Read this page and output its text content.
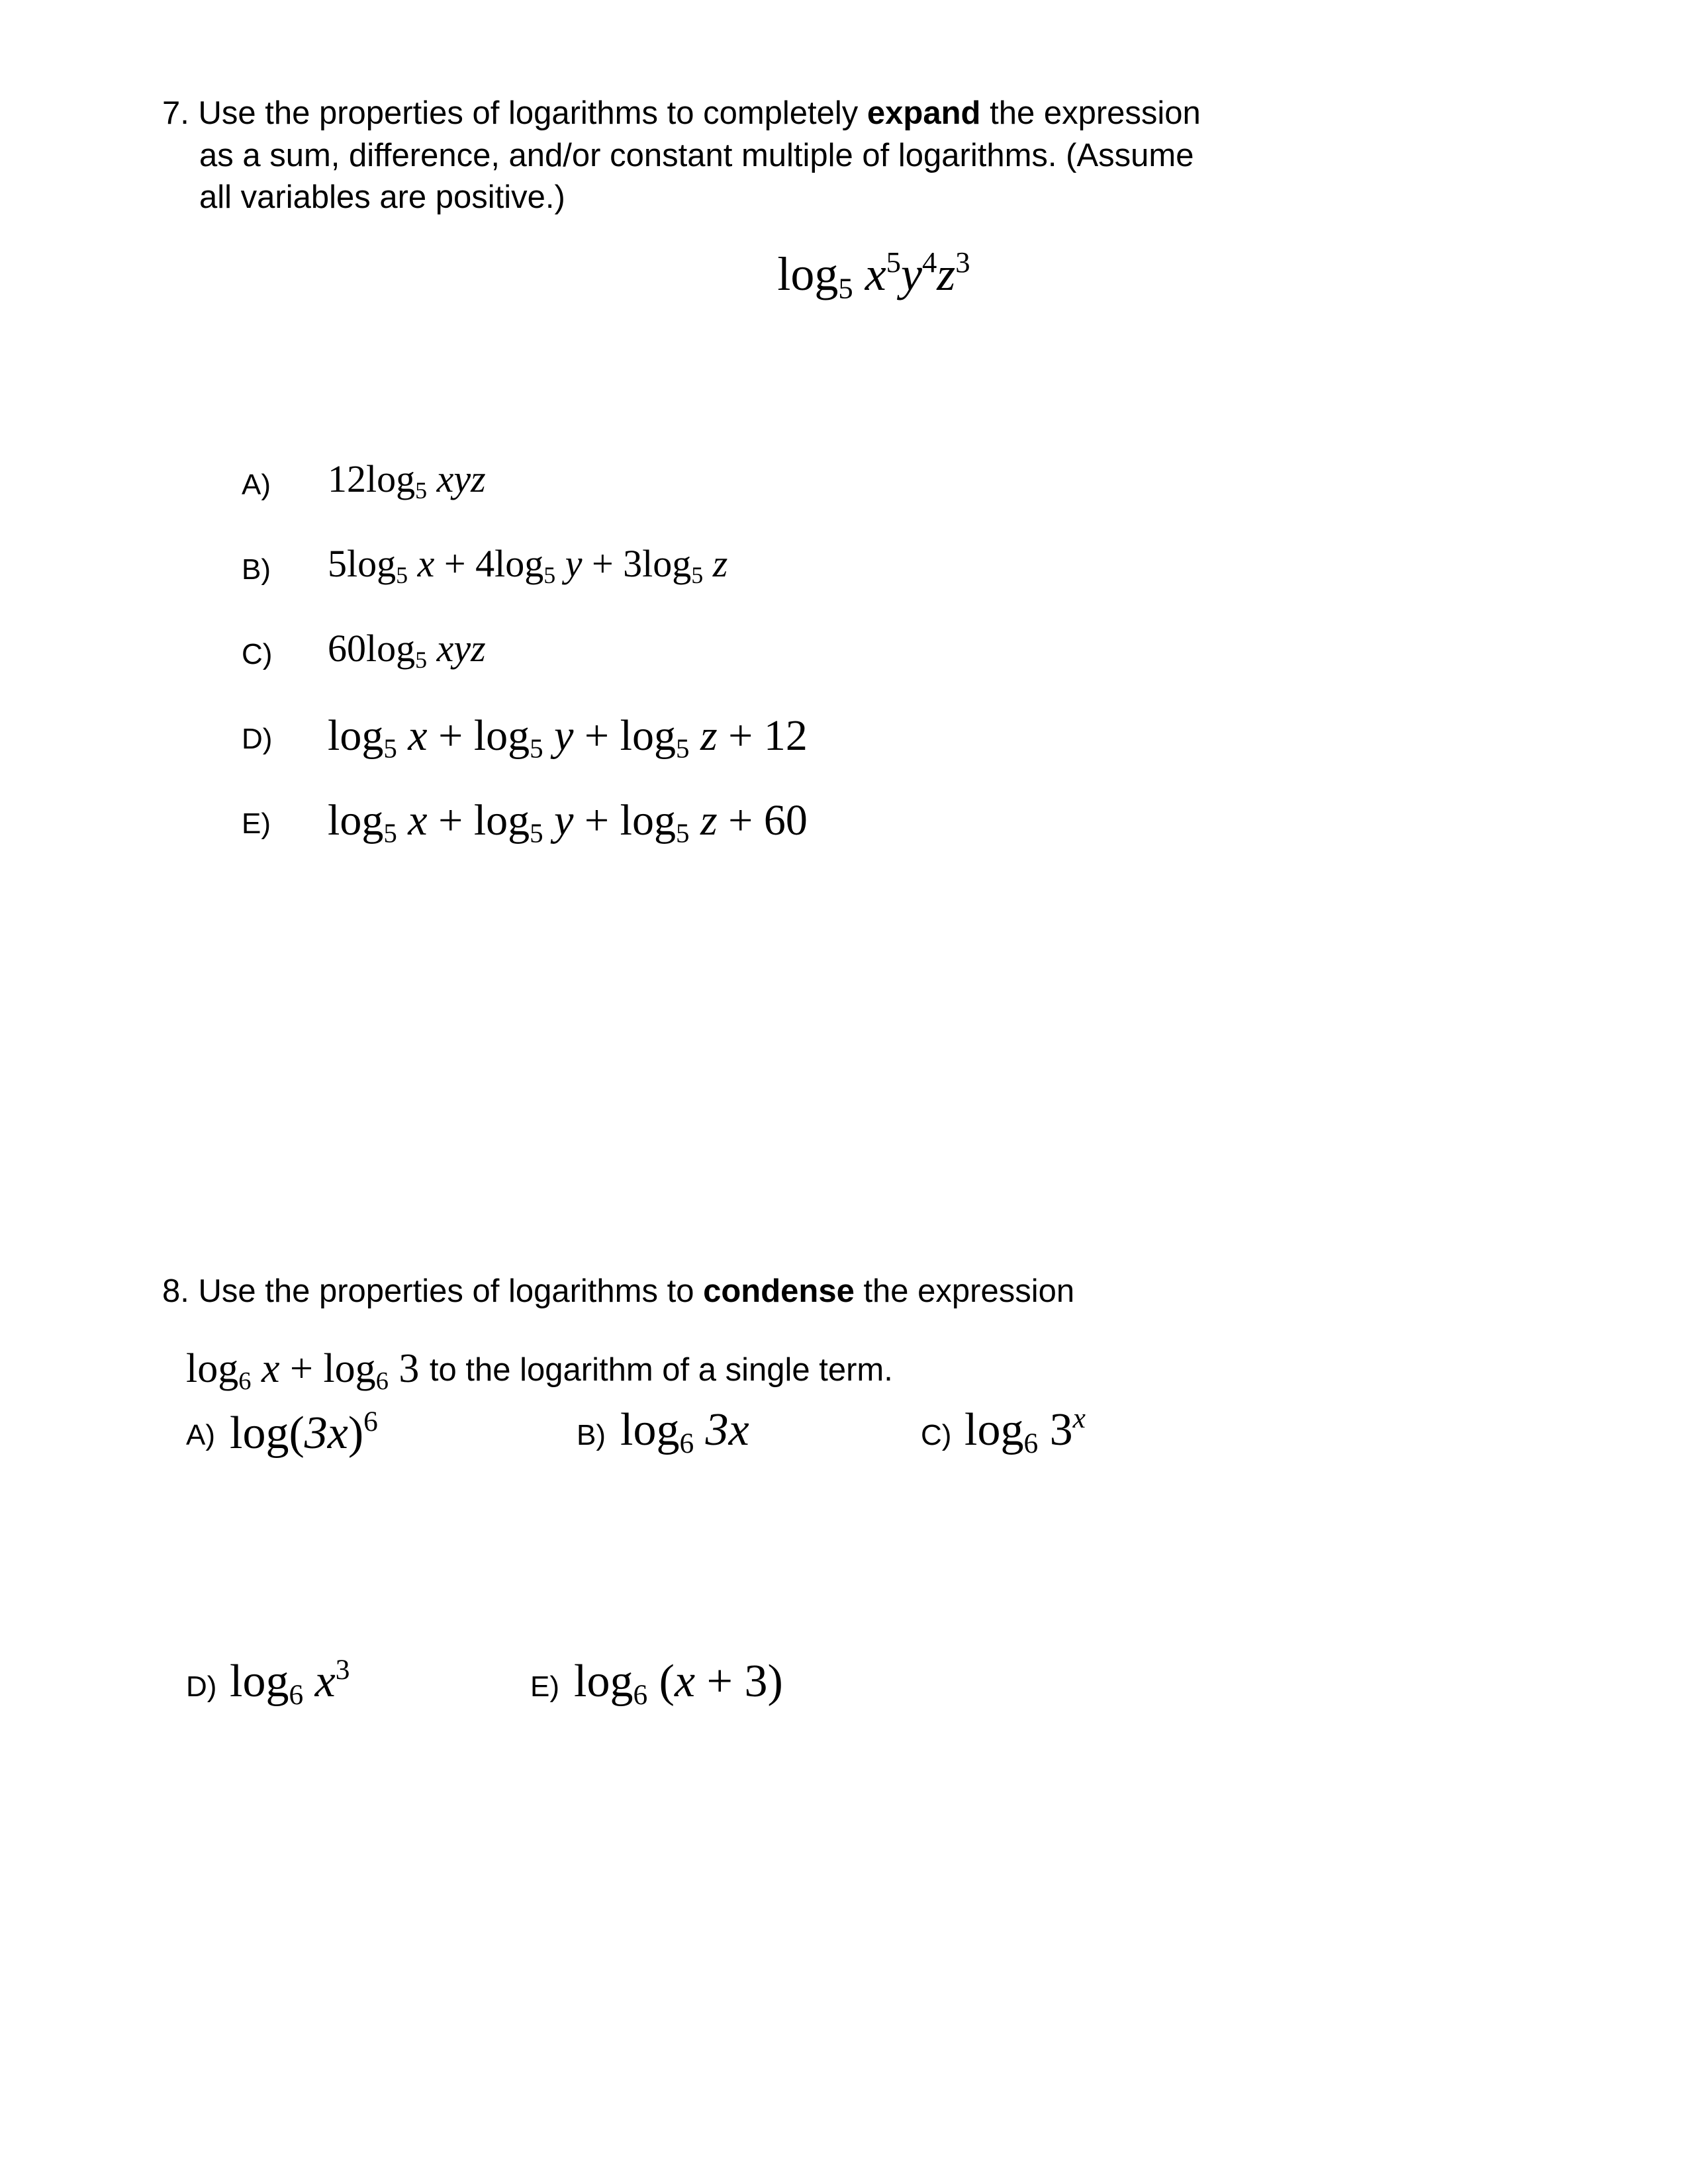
7. Use the properties of logarithms to completely expand the expression
as a sum, difference, and/or constant multiple of logarithms. (Assume
all variables are positive.)
$\log_5 x^5y^4z^3$
A) $12\log_5$ xyz
B) $5\log_5$ $x + 4\log_5$ $y + 3\log_5$ z
C) $60\log_5$ xyz
D) $\log_5 x + \log_5 y + \log_5 z + 12$
E) $\log_5 x + \log_5 y + \log_5 z + 60$
8. Use the properties of logarithms to condense the expression
$\log_6 x + \log_6 3$ to the logarithm of a single term.
A) $\log(3x)^6$	B) $\log_6 3x$	C) $\log_6 3^x$
D) $\log_6 x^3$
E) $\log_6 (x + 3)$
